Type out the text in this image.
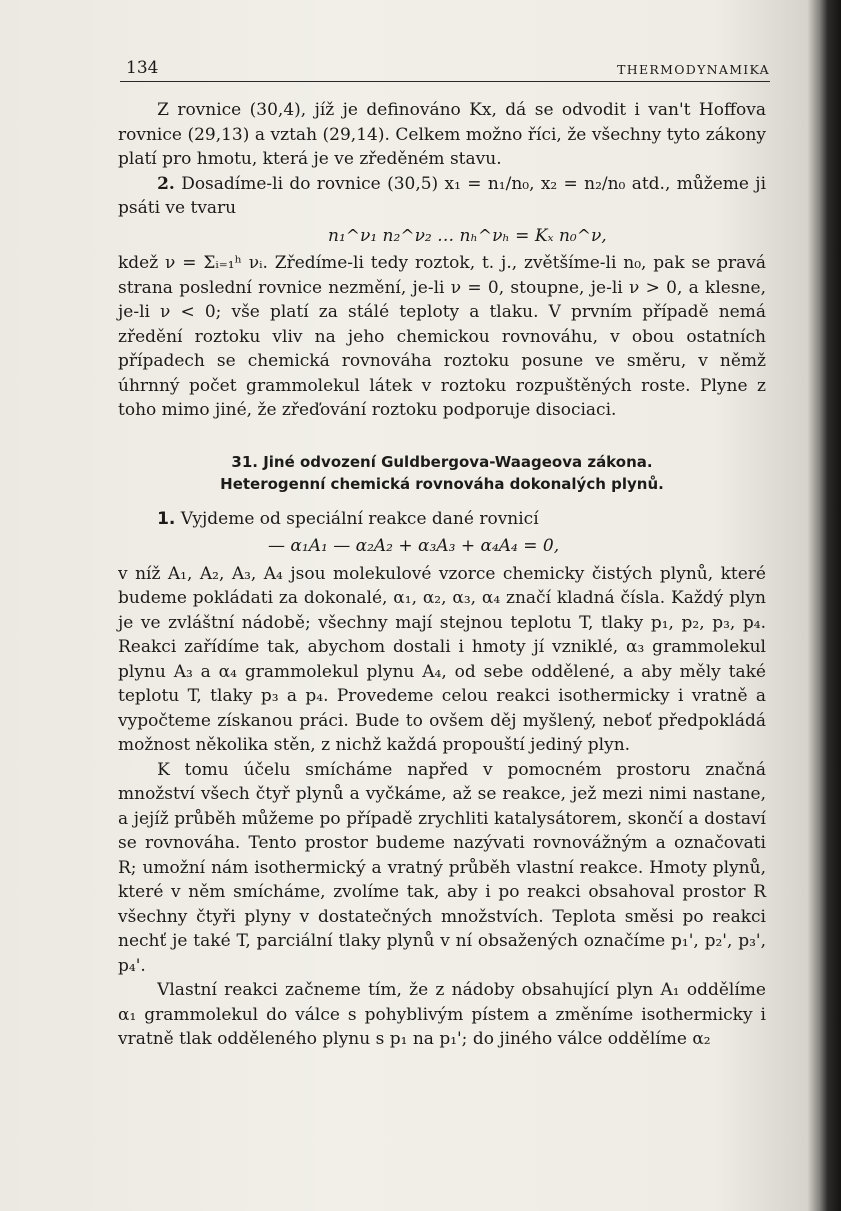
134	THERMODYNAMIKA

Z rovnice (30,4), jíž je definováno Kx, dá se odvodit i van't Hoffova rovnice (29,13) a vztah (29,14). Celkem možno říci, že všechny tyto zákony platí pro hmotu, která je ve zředěném stavu.

2. Dosadíme-li do rovnice (30,5) x₁ = n₁/n₀, x₂ = n₂/n₀ atd., můžeme ji psáti ve tvaru

n₁^ν₁ n₂^ν₂ … nₕ^νₕ = Kₓ n₀^ν,

kdež ν = Σᵢ₌₁ʰ νᵢ. Zředíme-li tedy roztok, t. j., zvětšíme-li n₀, pak se pravá strana poslední rovnice nezmění, je-li ν = 0, stoupne, je-li ν > 0, a klesne, je-li ν < 0; vše platí za stálé teploty a tlaku. V prvním případě nemá zředění roztoku vliv na jeho chemickou rovnováhu, v obou ostatních případech se chemická rovnováha roztoku posune ve směru, v němž úhrnný počet grammolekul látek v roztoku rozpuštěných roste. Plyne z toho mimo jiné, že zřeďování roztoku podporuje disociaci.

31. Jiné odvození Guldbergova-Waageova zákona.
Heterogenní chemická rovnováha dokonalých plynů.

1. Vyjdeme od speciální reakce dané rovnicí

— α₁A₁ — α₂A₂ + α₃A₃ + α₄A₄ = 0,

v níž A₁, A₂, A₃, A₄ jsou molekulové vzorce chemicky čistých plynů, které budeme pokládati za dokonalé, α₁, α₂, α₃, α₄ značí kladná čísla. Každý plyn je ve zvláštní nádobě; všechny mají stejnou teplotu T, tlaky p₁, p₂, p₃, p₄. Reakci zařídíme tak, abychom dostali i hmoty jí vzniklé, α₃ grammolekul plynu A₃ a α₄ grammolekul plynu A₄, od sebe oddělené, a aby měly také teplotu T, tlaky p₃ a p₄. Provedeme celou reakci isothermicky i vratně a vypočteme získanou práci. Bude to ovšem děj myšlený, neboť předpokládá možnost několika stěn, z nichž každá propouští jediný plyn.

K tomu účelu smícháme napřed v pomocném prostoru značná množství všech čtyř plynů a vyčkáme, až se reakce, jež mezi nimi nastane, a jejíž průběh můžeme po případě zrychliti katalysátorem, skončí a dostaví se rovnováha. Tento prostor budeme nazývati rovnovážným a označovati R; umožní nám isothermický a vratný průběh vlastní reakce. Hmoty plynů, které v něm smícháme, zvolíme tak, aby i po reakci obsahoval prostor R všechny čtyři plyny v dostatečných množstvích. Teplota směsi po reakci nechť je také T, parciální tlaky plynů v ní obsažených označíme p₁', p₂', p₃', p₄'.

Vlastní reakci začneme tím, že z nádoby obsahující plyn A₁ oddělíme α₁ grammolekul do válce s pohyblivým pístem a změníme isothermicky i vratně tlak odděleného plynu s p₁ na p₁'; do jiného válce oddělíme α₂
